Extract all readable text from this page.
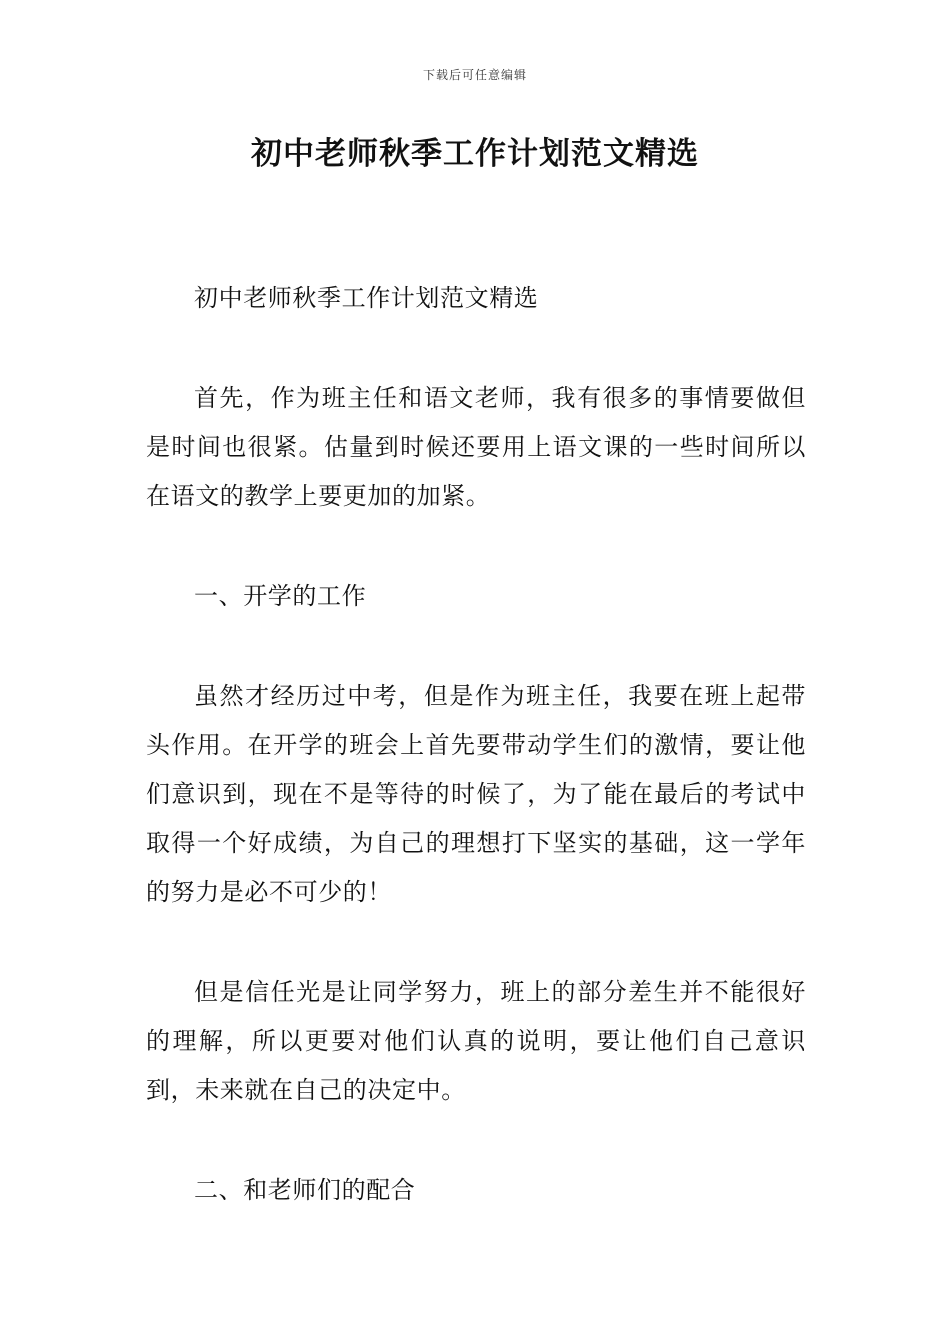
下载后可任意编辑
初中老师秋季工作计划范文精选

初中老师秋季工作计划范文精选

首先，作为班主任和语文老师，我有很多的事情要做但是时间也很紧。估量到时候还要用上语文课的一些时间所以在语文的教学上要更加的加紧。

一、开学的工作

虽然才经历过中考，但是作为班主任，我要在班上起带头作用。在开学的班会上首先要带动学生们的激情，要让他们意识到，现在不是等待的时候了，为了能在最后的考试中取得一个好成绩，为自己的理想打下坚实的基础，这一学年的努力是必不可少的！

但是信任光是让同学努力，班上的部分差生并不能很好的理解，所以更要对他们认真的说明，要让他们自己意识到，未来就在自己的决定中。

二、和老师们的配合
